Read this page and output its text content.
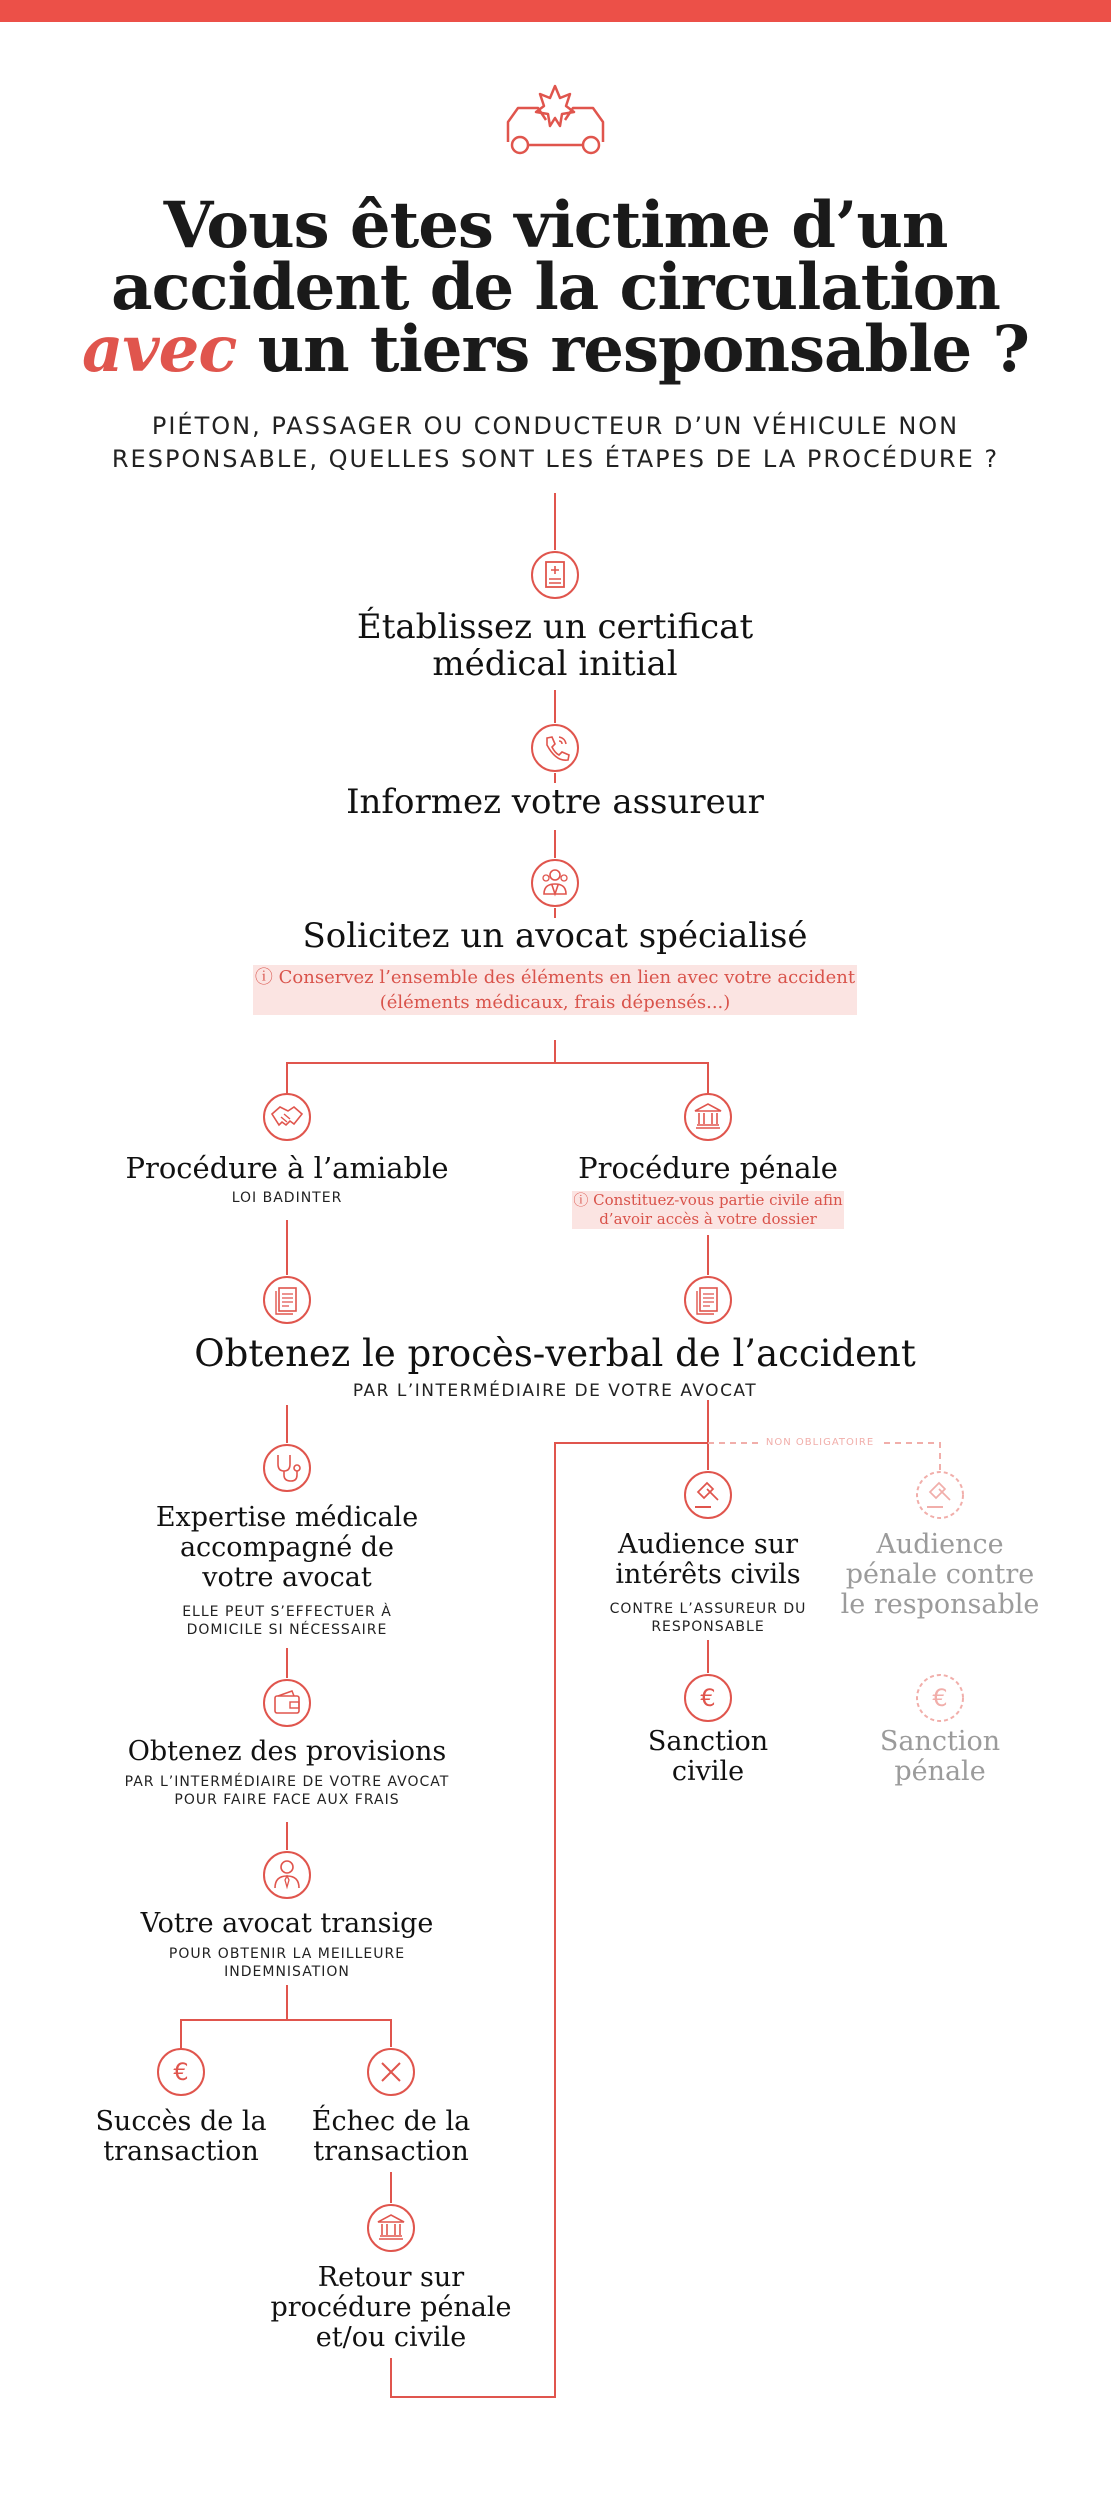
Vous êtes victime d’un
accident de la circulation
avec un tiers responsable ?
PIÉTON, PASSAGER OU CONDUCTEUR D’UN VÉHICULE NON
RESPONSABLE, QUELLES SONT LES ÉTAPES DE LA PROCÉDURE ?
Établissez un certificat
médical initial
Informez votre assureur
Solicitez un avocat spécialisé
ⓘ Conservez l’ensemble des éléments en lien avec votre accident
(éléments médicaux, frais dépensés...)
Procédure à l’amiable
LOI BADINTER
Procédure pénale
ⓘ Constituez-vous partie civile afin
d’avoir accès à votre dossier
Obtenez le procès-verbal de l’accident
PAR L’INTERMÉDIAIRE DE VOTRE AVOCAT
Expertise médicale
accompagné de
votre avocat
ELLE PEUT S’EFFECTUER À
DOMICILE SI NÉCESSAIRE
Obtenez des provisions
PAR L’INTERMÉDIAIRE DE VOTRE AVOCAT
POUR FAIRE FACE AUX FRAIS
Votre avocat transige
POUR OBTENIR LA MEILLEURE
INDEMNISATION
€
Succès de la
transaction
Échec de la
transaction
Retour sur
procédure pénale
et/ou civile
NON OBLIGATOIRE
Audience sur
intérêts civils
CONTRE L’ASSUREUR DU
RESPONSABLE
€
Sanction
civile
Audience
pénale contre
le responsable
€
Sanction
pénale
